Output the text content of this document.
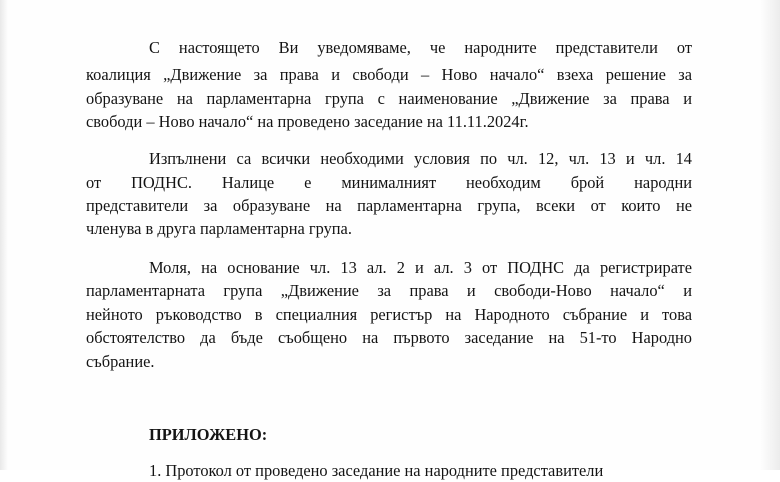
С настоящето Ви уведомяваме, че народните представители от
коалиция „Движение за права и свободи – Ново начало“ взеха решение за
образуване на парламентарна група с наименование „Движение за права и
свободи – Ново начало“ на проведено заседание на 11.11.2024г.
Изпълнени са всички необходими условия по чл. 12, чл. 13 и чл. 14
от ПОДНС. Налице е минималният необходим брой народни
представители за образуване на парламентарна група, всеки от които не
членува в друга парламентарна група.
Моля, на основание чл. 13 ал. 2 и ал. 3 от ПОДНС да регистрирате
парламентарната група „Движение за права и свободи-Ново начало“ и
нейното ръководство в специалния регистър на Народното събрание и това
обстоятелство да бъде съобщено на първото заседание на 51-то Народно
събрание.
ПРИЛОЖЕНО:
1. Протокол от проведено заседание на народните представители
